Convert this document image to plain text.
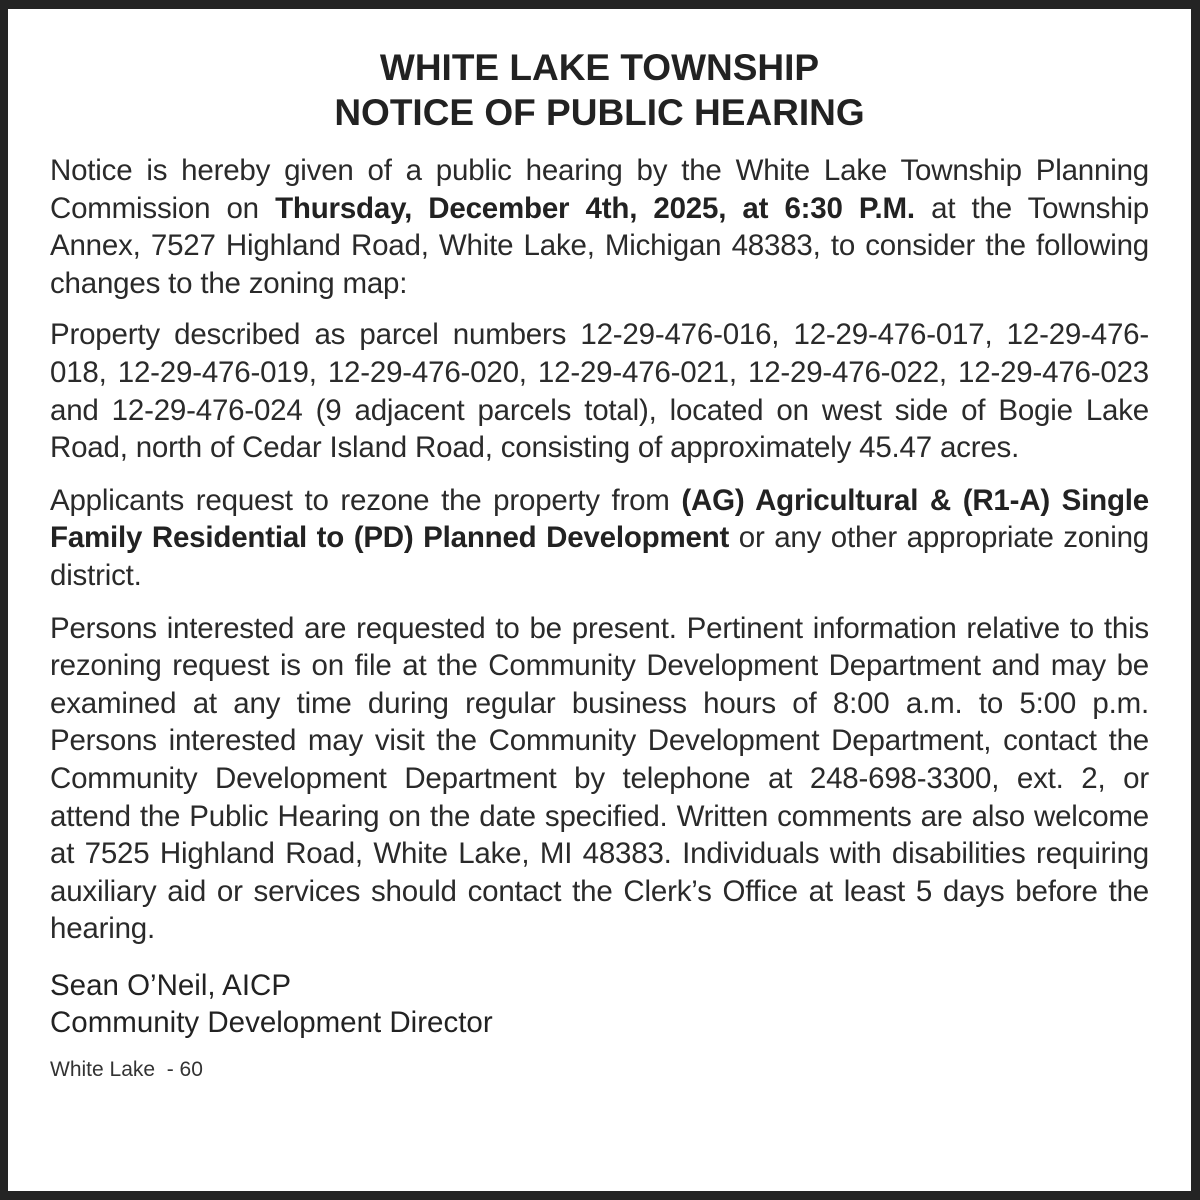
WHITE LAKE TOWNSHIP
NOTICE OF PUBLIC HEARING

Notice is hereby given of a public hearing by the White Lake Township Planning Commission on Thursday, December 4th, 2025, at 6:30 P.M. at the Township Annex, 7527 Highland Road, White Lake, Michigan 48383, to consider the following changes to the zoning map:

Property described as parcel numbers 12-29-476-016, 12-29-476-017, 12-29-476-018, 12-29-476-019, 12-29-476-020, 12-29-476-021, 12-29-476-022, 12-29-476-023 and 12-29-476-024 (9 adjacent parcels total), located on west side of Bogie Lake Road, north of Cedar Island Road, consisting of approximately 45.47 acres.

Applicants request to rezone the property from (AG) Agricultural & (R1-A) Single Family Residential to (PD) Planned Development or any other appropriate zoning district.

Persons interested are requested to be present. Pertinent information relative to this rezoning request is on file at the Community Development Department and may be examined at any time during regular business hours of 8:00 a.m. to 5:00 p.m. Persons interested may visit the Community Development Department, contact the Community Development Department by telephone at 248-698-3300, ext. 2, or attend the Public Hearing on the date specified. Written comments are also welcome at 7525 Highland Road, White Lake, MI 48383. Individuals with disabilities requiring auxiliary aid or services should contact the Clerk’s Office at least 5 days before the hearing.

Sean O’Neil, AICP
Community Development Director
White Lake  - 60
